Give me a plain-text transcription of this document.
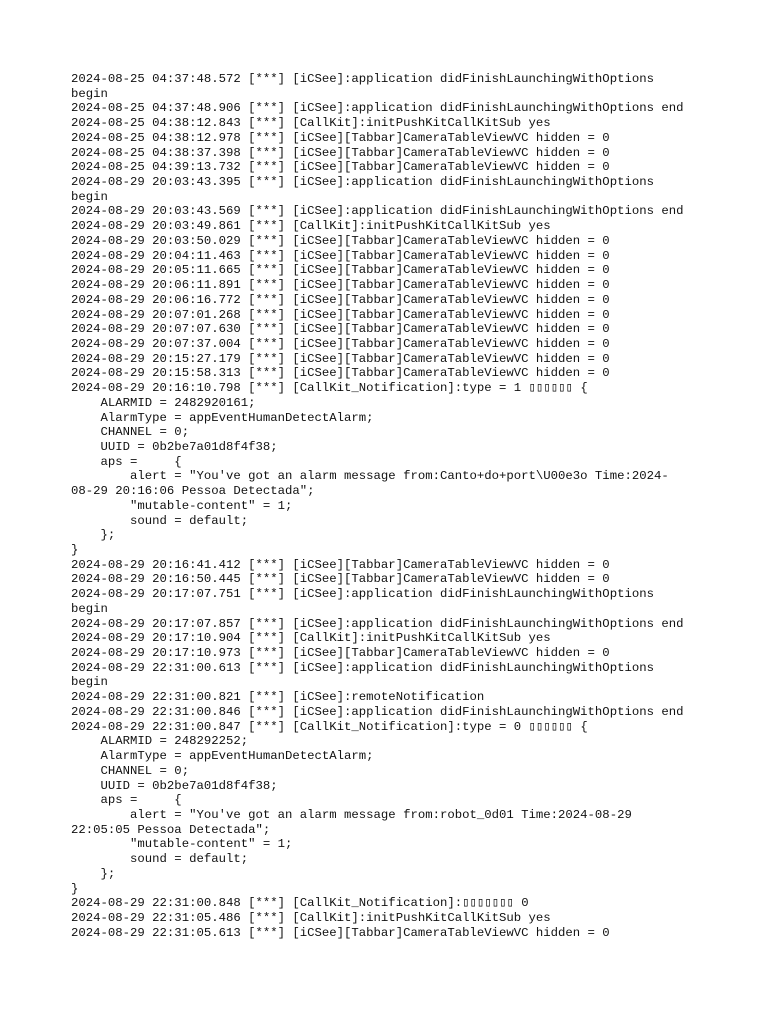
2024-08-25 04:37:48.572 [***] [iCSee]:application didFinishLaunchingWithOptions
begin
2024-08-25 04:37:48.906 [***] [iCSee]:application didFinishLaunchingWithOptions end
2024-08-25 04:38:12.843 [***] [CallKit]:initPushKitCallKitSub yes
2024-08-25 04:38:12.978 [***] [iCSee][Tabbar]CameraTableViewVC hidden = 0
2024-08-25 04:38:37.398 [***] [iCSee][Tabbar]CameraTableViewVC hidden = 0
2024-08-25 04:39:13.732 [***] [iCSee][Tabbar]CameraTableViewVC hidden = 0
2024-08-29 20:03:43.395 [***] [iCSee]:application didFinishLaunchingWithOptions
begin
2024-08-29 20:03:43.569 [***] [iCSee]:application didFinishLaunchingWithOptions end
2024-08-29 20:03:49.861 [***] [CallKit]:initPushKitCallKitSub yes
2024-08-29 20:03:50.029 [***] [iCSee][Tabbar]CameraTableViewVC hidden = 0
2024-08-29 20:04:11.463 [***] [iCSee][Tabbar]CameraTableViewVC hidden = 0
2024-08-29 20:05:11.665 [***] [iCSee][Tabbar]CameraTableViewVC hidden = 0
2024-08-29 20:06:11.891 [***] [iCSee][Tabbar]CameraTableViewVC hidden = 0
2024-08-29 20:06:16.772 [***] [iCSee][Tabbar]CameraTableViewVC hidden = 0
2024-08-29 20:07:01.268 [***] [iCSee][Tabbar]CameraTableViewVC hidden = 0
2024-08-29 20:07:07.630 [***] [iCSee][Tabbar]CameraTableViewVC hidden = 0
2024-08-29 20:07:37.004 [***] [iCSee][Tabbar]CameraTableViewVC hidden = 0
2024-08-29 20:15:27.179 [***] [iCSee][Tabbar]CameraTableViewVC hidden = 0
2024-08-29 20:15:58.313 [***] [iCSee][Tabbar]CameraTableViewVC hidden = 0
2024-08-29 20:16:10.798 [***] [CallKit_Notification]:type = 1 ▯▯▯▯▯▯ {
ALARMID = 2482920161;
AlarmType = appEventHumanDetectAlarm;
CHANNEL = 0;
UUID = 0b2be7a01d8f4f38;
aps =     {
alert = "You've got an alarm message from:Canto+do+port\U00e3o Time:2024-
08-29 20:16:06 Pessoa Detectada";
"mutable-content" = 1;
sound = default;
};
}
2024-08-29 20:16:41.412 [***] [iCSee][Tabbar]CameraTableViewVC hidden = 0
2024-08-29 20:16:50.445 [***] [iCSee][Tabbar]CameraTableViewVC hidden = 0
2024-08-29 20:17:07.751 [***] [iCSee]:application didFinishLaunchingWithOptions
begin
2024-08-29 20:17:07.857 [***] [iCSee]:application didFinishLaunchingWithOptions end
2024-08-29 20:17:10.904 [***] [CallKit]:initPushKitCallKitSub yes
2024-08-29 20:17:10.973 [***] [iCSee][Tabbar]CameraTableViewVC hidden = 0
2024-08-29 22:31:00.613 [***] [iCSee]:application didFinishLaunchingWithOptions
begin
2024-08-29 22:31:00.821 [***] [iCSee]:remoteNotification
2024-08-29 22:31:00.846 [***] [iCSee]:application didFinishLaunchingWithOptions end
2024-08-29 22:31:00.847 [***] [CallKit_Notification]:type = 0 ▯▯▯▯▯▯ {
ALARMID = 248292252;
AlarmType = appEventHumanDetectAlarm;
CHANNEL = 0;
UUID = 0b2be7a01d8f4f38;
aps =     {
alert = "You've got an alarm message from:robot_0d01 Time:2024-08-29
22:05:05 Pessoa Detectada";
"mutable-content" = 1;
sound = default;
};
}
2024-08-29 22:31:00.848 [***] [CallKit_Notification]:▯▯▯▯▯▯▯ 0
2024-08-29 22:31:05.486 [***] [CallKit]:initPushKitCallKitSub yes
2024-08-29 22:31:05.613 [***] [iCSee][Tabbar]CameraTableViewVC hidden = 0
